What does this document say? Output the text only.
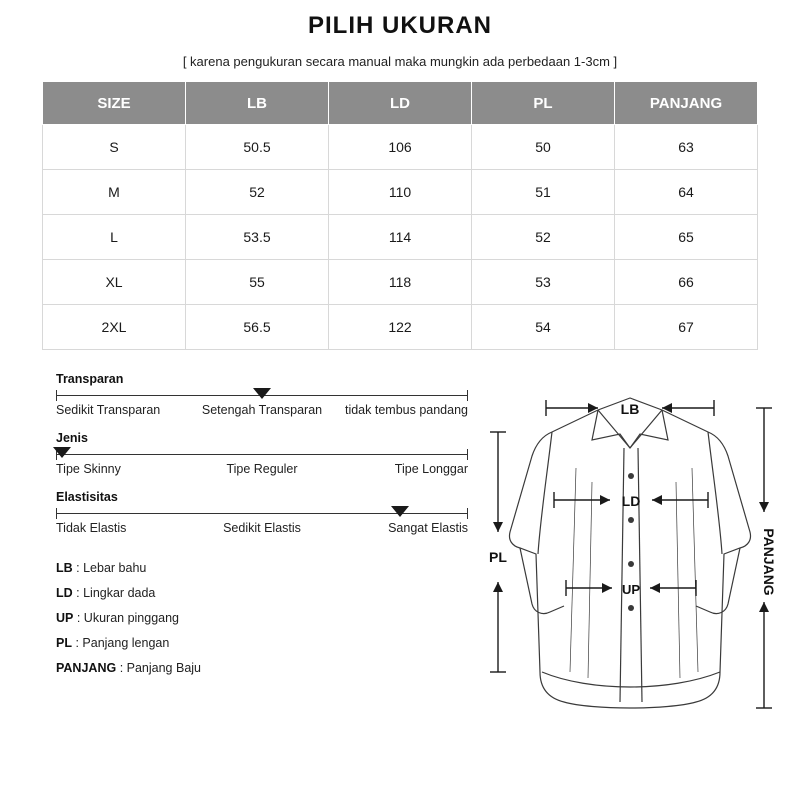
PILIH UKURAN
[ karena pengukuran secara manual maka mungkin ada perbedaan 1-3cm ]
SIZE	LB	LD	PL	PANJANG
S	50.5	106	50	63
M	52	110	51	64
L	53.5	114	52	65
XL	55	118	53	66
2XL	56.5	122	54	67
Transparan
Sedikit Transparan	Setengah Transparan tidak tembus pandang
Jenis
Tipe Skinny	Tipe Reguler	Tipe Longgar
Elastisitas
Tidak Elastis	Sedikit Elastis	Sangat Elastis
LB : Lebar bahu
LD : Lingkar dada
UP : Ukuran pinggang
PL : Panjang lengan
PANJANG : Panjang Baju
LB
LD
UP
PL	PANJANG
